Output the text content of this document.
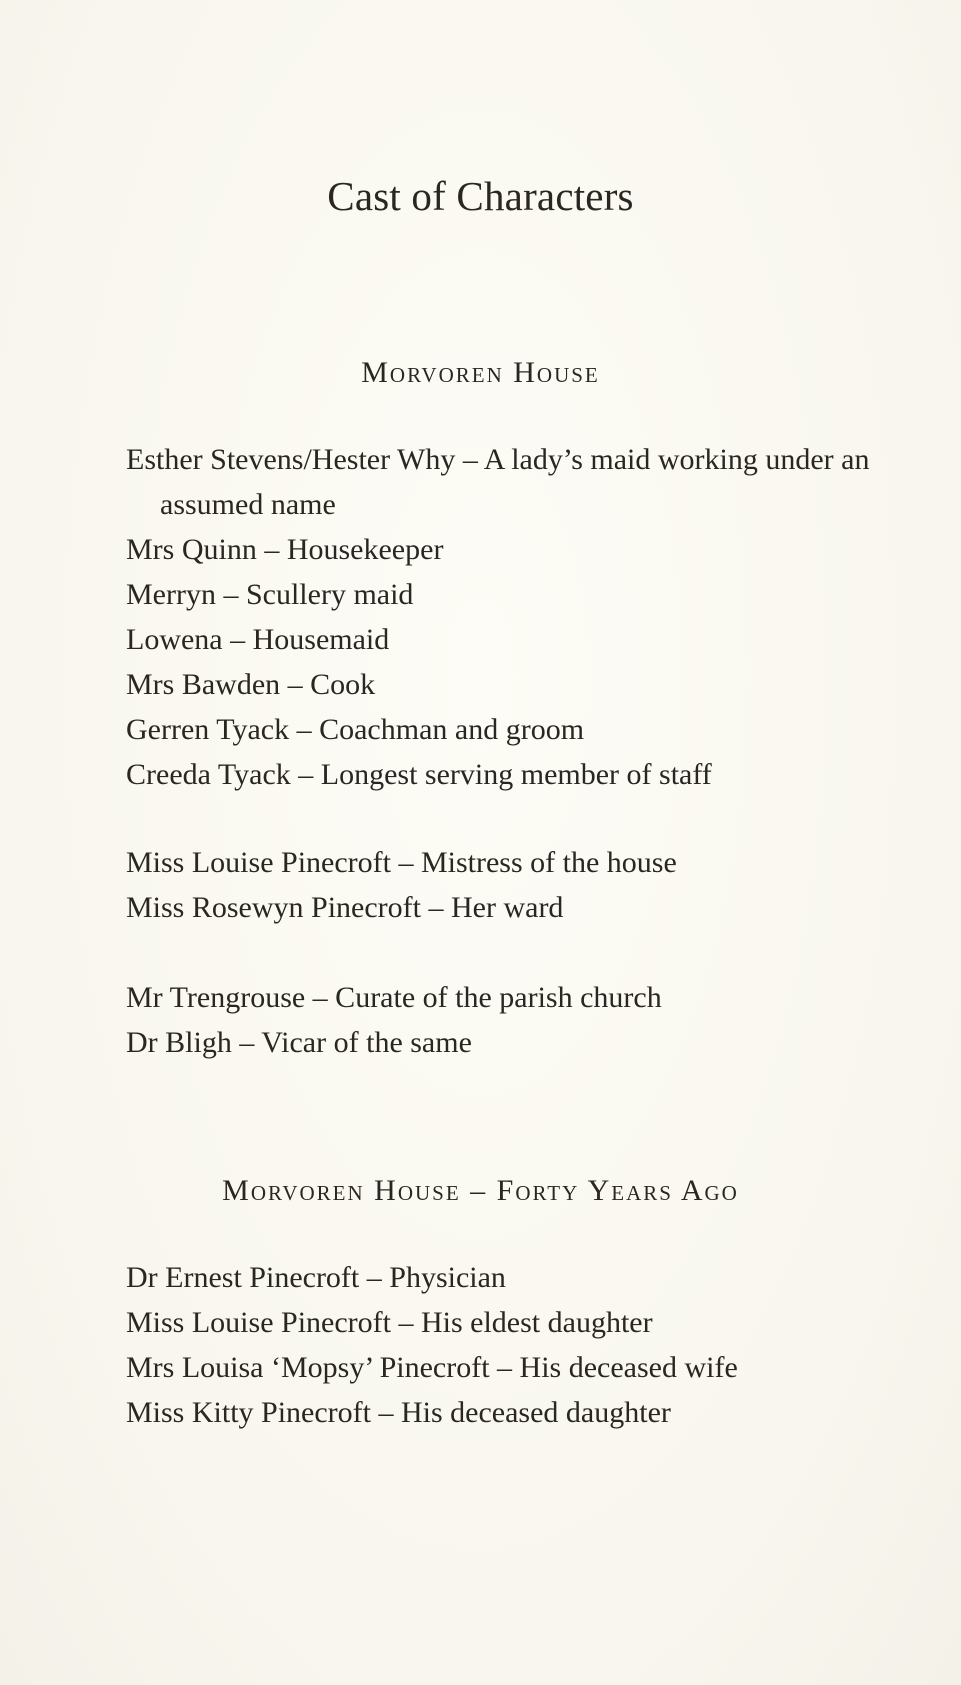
Cast of Characters
Morvoren House
Esther Stevens/Hester Why – A lady’s maid working under an assumed name
Mrs Quinn – Housekeeper
Merryn – Scullery maid
Lowena – Housemaid
Mrs Bawden – Cook
Gerren Tyack – Coachman and groom
Creeda Tyack – Longest serving member of staff
Miss Louise Pinecroft – Mistress of the house
Miss Rosewyn Pinecroft – Her ward
Mr Trengrouse – Curate of the parish church
Dr Bligh – Vicar of the same
Morvoren House – Forty Years Ago
Dr Ernest Pinecroft – Physician
Miss Louise Pinecroft – His eldest daughter
Mrs Louisa ‘Mopsy’ Pinecroft – His deceased wife
Miss Kitty Pinecroft – His deceased daughter
